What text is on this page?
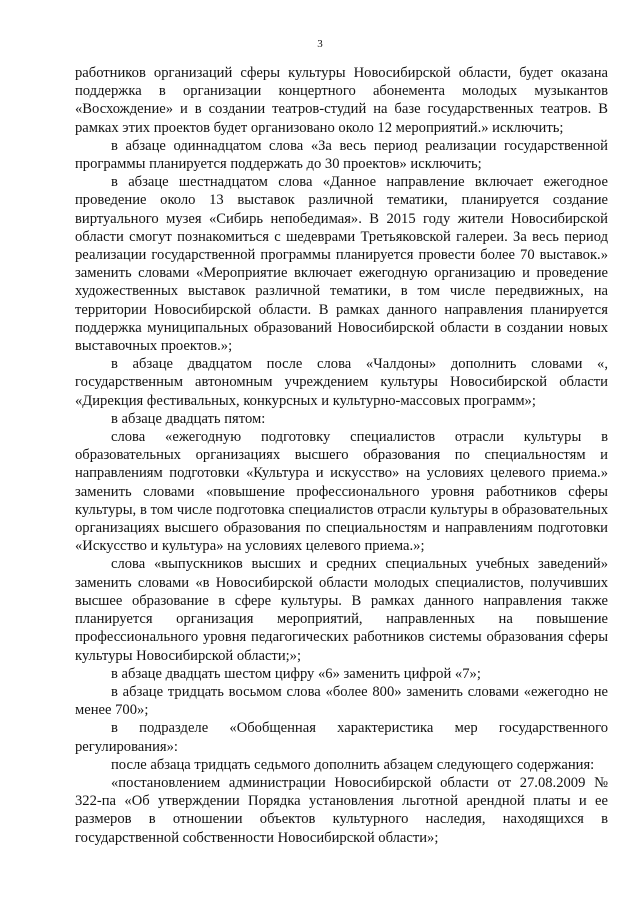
3

работников организаций сферы культуры Новосибирской области, будет оказана поддержка в организации концертного абонемента молодых музыкантов «Восхождение» и в создании театров-студий на базе государственных театров. В рамках этих проектов будет организовано около 12 мероприятий.» исключить;

в абзаце одиннадцатом слова «За весь период реализации государственной программы планируется поддержать до 30 проектов» исключить;

в абзаце шестнадцатом слова «Данное направление включает ежегодное проведение около 13 выставок различной тематики, планируется создание виртуального музея «Сибирь непобедимая». В 2015 году жители Новосибирской области смогут познакомиться с шедеврами Третьяковской галереи. За весь период реализации государственной программы планируется провести более 70 выставок.» заменить словами «Мероприятие включает ежегодную организацию и проведение художественных выставок различной тематики, в том числе передвижных, на территории Новосибирской области. В рамках данного направления планируется поддержка муниципальных образований Новосибирской области в создании новых выставочных проектов.»;

в абзаце двадцатом после слова «Чалдоны» дополнить словами «, государственным автономным учреждением культуры Новосибирской области «Дирекция фестивальных, конкурсных и культурно-массовых программ»;

в абзаце двадцать пятом:

слова «ежегодную подготовку специалистов отрасли культуры в образовательных организациях высшего образования по специальностям и направлениям подготовки «Культура и искусство» на условиях целевого приема.» заменить словами «повышение профессионального уровня работников сферы культуры, в том числе подготовка специалистов отрасли культуры в образовательных организациях высшего образования по специальностям и направлениям подготовки «Искусство и культура» на условиях целевого приема.»;

слова «выпускников высших и средних специальных учебных заведений» заменить словами «в Новосибирской области молодых специалистов, получивших высшее образование в сфере культуры. В рамках данного направления также планируется организация мероприятий, направленных на повышение профессионального уровня педагогических работников системы образования сферы культуры Новосибирской области;»;

в абзаце двадцать шестом цифру «6» заменить цифрой «7»;

в абзаце тридцать восьмом слова «более 800» заменить словами «ежегодно не менее 700»;

в подразделе «Обобщенная характеристика мер государственного регулирования»:

после абзаца тридцать седьмого дополнить абзацем следующего содержания:

«постановлением администрации Новосибирской области от 27.08.2009 № 322-па «Об утверждении Порядка установления льготной арендной платы и ее размеров в отношении объектов культурного наследия, находящихся в государственной собственности Новосибирской области»;
